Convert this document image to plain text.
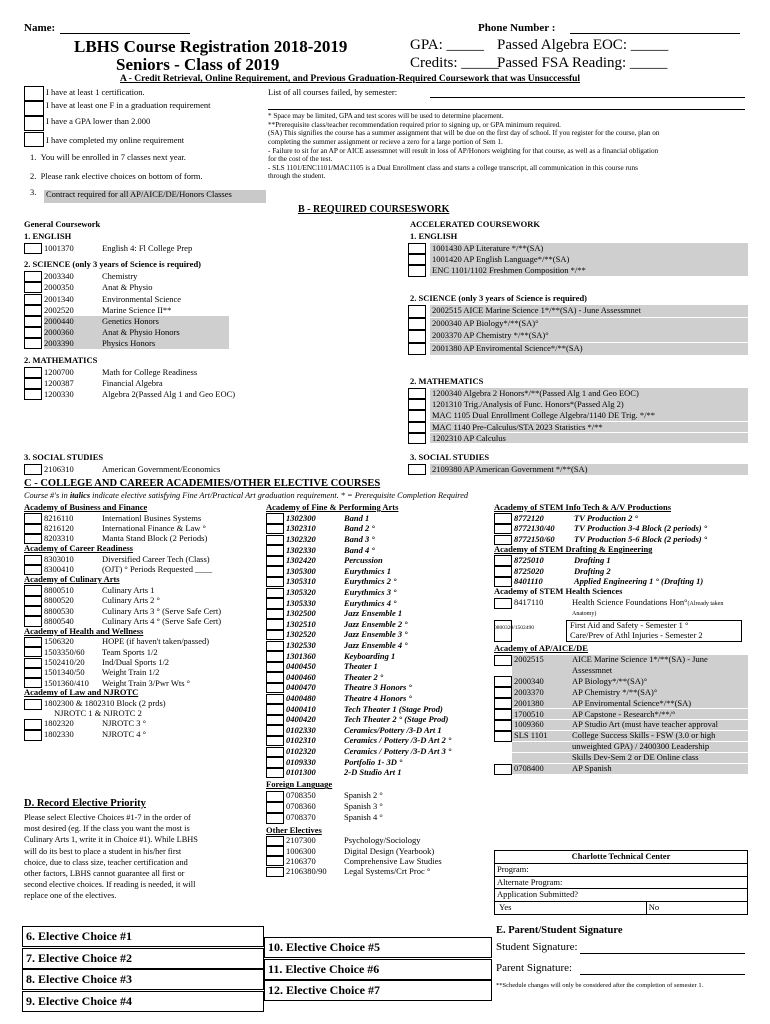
Name:	Phone Number :
LBHS Course Registration 2018-2019
Seniors - Class of 2019
GPA: _____ Passed Algebra EOC: _____
Credits: _____
Passed FSA Reading: _____
A - Credit Retrieval, Online Requirement, and Previous Graduation-Required Coursework that was Unsuccessful
I have at least 1 certification.
I have at least one F in a graduation requirement
I have a GPA lower than 2.000
I have completed my online requirement
1.  You will be enrolled in 7 classes next year.
2.  Please rank elective choices on bottom of form.
3. Contract required for all AP/AICE/DE/Honors Classes
List of all courses failed, by semester:
* Space may be limited, GPA and test scores will be used to determine placement.
**Prerequisite class/teacher recommendation required prior to signing up, or GPA minimum required.
(SA) This signifies the course has a summer assignment that will be due on the first day of school. If you register for the course, plan on
completing the summer assignment or recieve a zero for a large portion of Sem 1.
- Failure to sit for an AP or AICE assessmnet will result in loss of AP/Honors weighting for that course, as well as a financial obligation
for the cost of the test.
- SLS 1101/ENC1101/MAC1105 is a Dual Enrollment class and starts a college transcript, all communication in this course runs
through the student.
B - REQUIRED COURSESWORK
General Coursework	ACCELERATED COURSEWORK
1. ENGLISH
1001370	English 4: Fl College Prep
2. SCIENCE (only 3 years of Science is required)
2003340	Chemistry
2000350	Anat & Physio
2001340	Environmental Science
2002520	Marine Science II**
2000440	Genetics Honors
2000360	Anat & Physio Honors
2003390	Physics Honors
2. MATHEMATICS
1200700	Math for College Readiness
1200387	Financial Algebra
1200330	Algebra 2(Passed Alg 1 and Geo EOC)
3. SOCIAL STUDIES
2106310	American Government/Economics
1. ENGLISH
1001430 AP Literature */**(SA)
1001420 AP English Language*/**(SA)
ENC 1101/1102 Freshmen Composition */**
2. SCIENCE (only 3 years of Science is required)
2002515 AICE Marine Science 1*/**(SA) - June Assessmnet
2000340 AP Biology*/**(SA)°
2003370 AP Chemistry */**(SA)°
2001380 AP Enviromental Science*/**(SA)
2. MATHEMATICS
1200340 Algebra 2 Honors*/**(Passed Alg 1 and Geo EOC)
1201310 Trig./Analysis of Func. Honors*(Passed Alg 2)
MAC 1105 Dual Enrollment College Algebra/1140 DE Trig. */**
MAC 1140 Pre-Calculus/STA 2023 Statistics */**
1202310 AP Calculus
3. SOCIAL STUDIES
2109380 AP American Government */**(SA)
C - COLLEGE AND CAREER ACADEMIES/OTHER ELECTIVE COURSES
Course #'s in italics indicate elective satisfying Fine Art/Practical Art graduation requirement. * = Prerequisite Completion Required
Academy of Business and Finance
8216110	Internationl Busines Systems
8216120	International Finance & Law °
8203310	Manta Stand Block (2 Periods)
Academy of Career Readiness
8303010	Diversified Career Tech (Class)
8300410	(OJT) ° Periods Requested ____
Academy of Culinary Arts
8800510	Culinary Arts 1
8800520	Culinary Arts 2 °
8800530	Culinary Arts 3 ° (Serve Safe Cert)
8800540	Culinary Arts 4 ° (Serve Safe Cert)
Academy of Health and Wellness
1506320	HOPE (if haven't taken/passed)
1503350/60 Team Sports 1/2
1502410/20 Ind/Dual Sports 1/2
1501340/50 Weight Train 1/2
1501360/410 Weight Train 3/Pwr Wts °
Academy of Law and NJROTC
1802300 & 1802310 Block (2 prds)
NJROTC 1 & NJROTC 2
1802320	NJROTC 3 °
1802330	NJROTC 4 °
Academy of Fine & Performing Arts
1302300	Band 1
1302310	Band 2 °
1302320	Band 3 °
1302330	Band 4 °
1302420	Percussion
1305300	Eurythmics 1
1305310	Eurythmics 2 °
1305320	Eurythmics 3 °
1305330	Eurythmics 4 °
1302500	Jazz Ensemble 1
1302510	Jazz Ensemble 2 °
1302520	Jazz Ensemble 3 °
1302530	Jazz Ensemble 4 °
1301360	Keyboarding 1
0400450	Theater 1
0400460	Theater 2 °
0400470	Theatre 3 Honors °
0400480	Theatre 4 Honors °
0400410	Tech Theater 1 (Stage Prod)
0400420	Tech Theater 2 ° (Stage Prod)
0102330	Ceramics/Pottery /3-D Art 1
0102310	Ceramics / Pottery /3-D Art 2 °
0102320	Ceramics / Pottery /3-D Art 3 °
0109330	Portfolio 1- 3D °
0101300	2-D Studio Art 1
Foreign Language
0708350	Spanish 2 °
0708360	Spanish 3 °
0708370	Spanish 4 °
Other Electives
2107300	Psychology/Sociology
1006300	Digital Design (Yearbook)
2106370	Comprehensive Law Studies
2106380/90 Legal Systems/Crt Proc °
Academy of STEM Info Tech & A/V Productions
8772120	TV Production 2 °
8772130/40 TV Production 3-4 Block (2 periods) °
8772150/60 TV Production 5-6 Block (2 periods) °
Academy of STEM Drafting & Engineering
8725010	Drafting 1
8725020	Drafting 2
8401110	Applied Engineering 1 ° (Drafting 1)
Academy of STEM Health Sciences
8417110	Health Science Foundations Hon°(Already taken Anatomy)
0800320/1502490	First Aid and Safety - Semester 1 °
Care/Prev of Athl Injuries - Semester 2
Academy of AP/AICE/DE
2002515	AICE Marine Science 1*/**(SA) - June
Assessmnet
2000340	AP Biology*/**(SA)°
2003370	AP Chemistry */**(SA)°
2001380	AP Enviromental Science*/**(SA)
1700510	AP Capstone - Research*/**/°
1009360	AP Studio Art (must have teacher approval
SLS 1101	College Success Skills - FSW (3.0 or high
unweighted GPA) / 2400300 Leadership
Skills Dev-Sem 2 or DE Online class
0708400	AP Spanish
D. Record Elective Priority
Please select Elective Choices #1-7 in the order of
most desired (eg. If the class you want the most is
Culinary Arts 1, write it in Choice #1). While LBHS
will do its best to place a student in his/her first
choice, due to class size, teacher certification and
other factors, LBHS cannot guarantee all first or
second elective choices. If reading is needed, it will
replace one of the electives.
6. Elective Choice #1
7. Elective Choice #2
8. Elective Choice #3
9. Elective Choice #4
10. Elective Choice #5
11. Elective Choice #6
12. Elective Choice #7
Charlotte Technical Center
Program:
Alternate Program:
Application Submitted?
Yes	No
E. Parent/Student Signature
Student Signature:
Parent Signature:
**Schedule changes will only be considered after the completion of semester 1.
